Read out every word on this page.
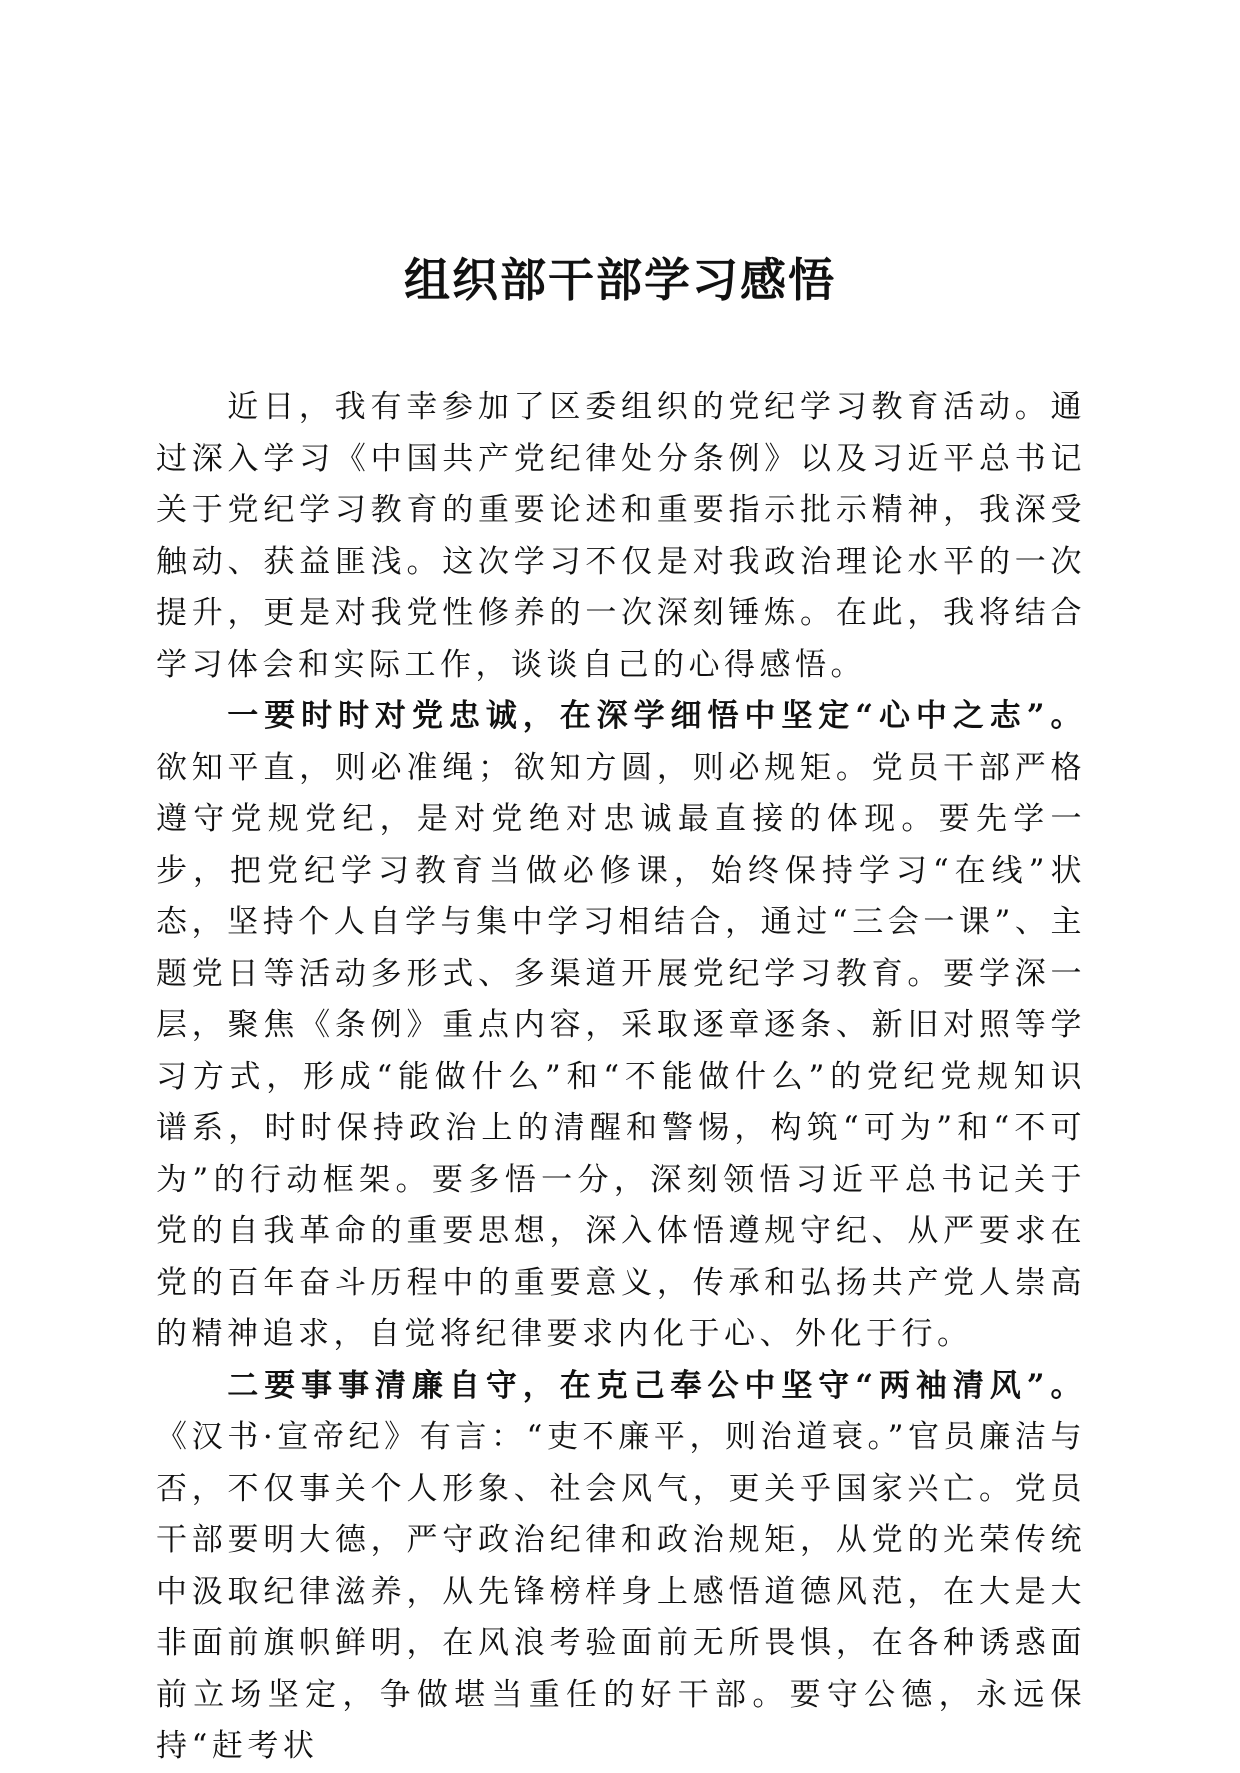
组织部干部学习感悟

近日，我有幸参加了区委组织的党纪学习教育活动。通过深入学习《中国共产党纪律处分条例》以及习近平总书记关于党纪学习教育的重要论述和重要指示批示精神，我深受触动、获益匪浅。这次学习不仅是对我政治理论水平的一次提升，更是对我党性修养的一次深刻锤炼。在此，我将结合学习体会和实际工作，谈谈自己的心得感悟。

一要时时对党忠诚，在深学细悟中坚定“心中之志”。欲知平直，则必准绳；欲知方圆，则必规矩。党员干部严格遵守党规党纪，是对党绝对忠诚最直接的体现。要先学一步，把党纪学习教育当做必修课，始终保持学习“在线”状态，坚持个人自学与集中学习相结合，通过“三会一课”、主题党日等活动多形式、多渠道开展党纪学习教育。要学深一层，聚焦《条例》重点内容，采取逐章逐条、新旧对照等学习方式，形成“能做什么”和“不能做什么”的党纪党规知识谱系，时时保持政治上的清醒和警惕，构筑“可为”和“不可为”的行动框架。要多悟一分，深刻领悟习近平总书记关于党的自我革命的重要思想，深入体悟遵规守纪、从严要求在党的百年奋斗历程中的重要意义，传承和弘扬共产党人崇高的精神追求，自觉将纪律要求内化于心、外化于行。

二要事事清廉自守，在克己奉公中坚守“两袖清风”。《汉书·宣帝纪》有言：“吏不廉平，则治道衰。”官员廉洁与否，不仅事关个人形象、社会风气，更关乎国家兴亡。党员干部要明大德，严守政治纪律和政治规矩，从党的光荣传统中汲取纪律滋养，从先锋榜样身上感悟道德风范，在大是大非面前旗帜鲜明，在风浪考验面前无所畏惧，在各种诱惑面前立场坚定，争做堪当重任的好干部。要守公德，永远保持“赶考状
